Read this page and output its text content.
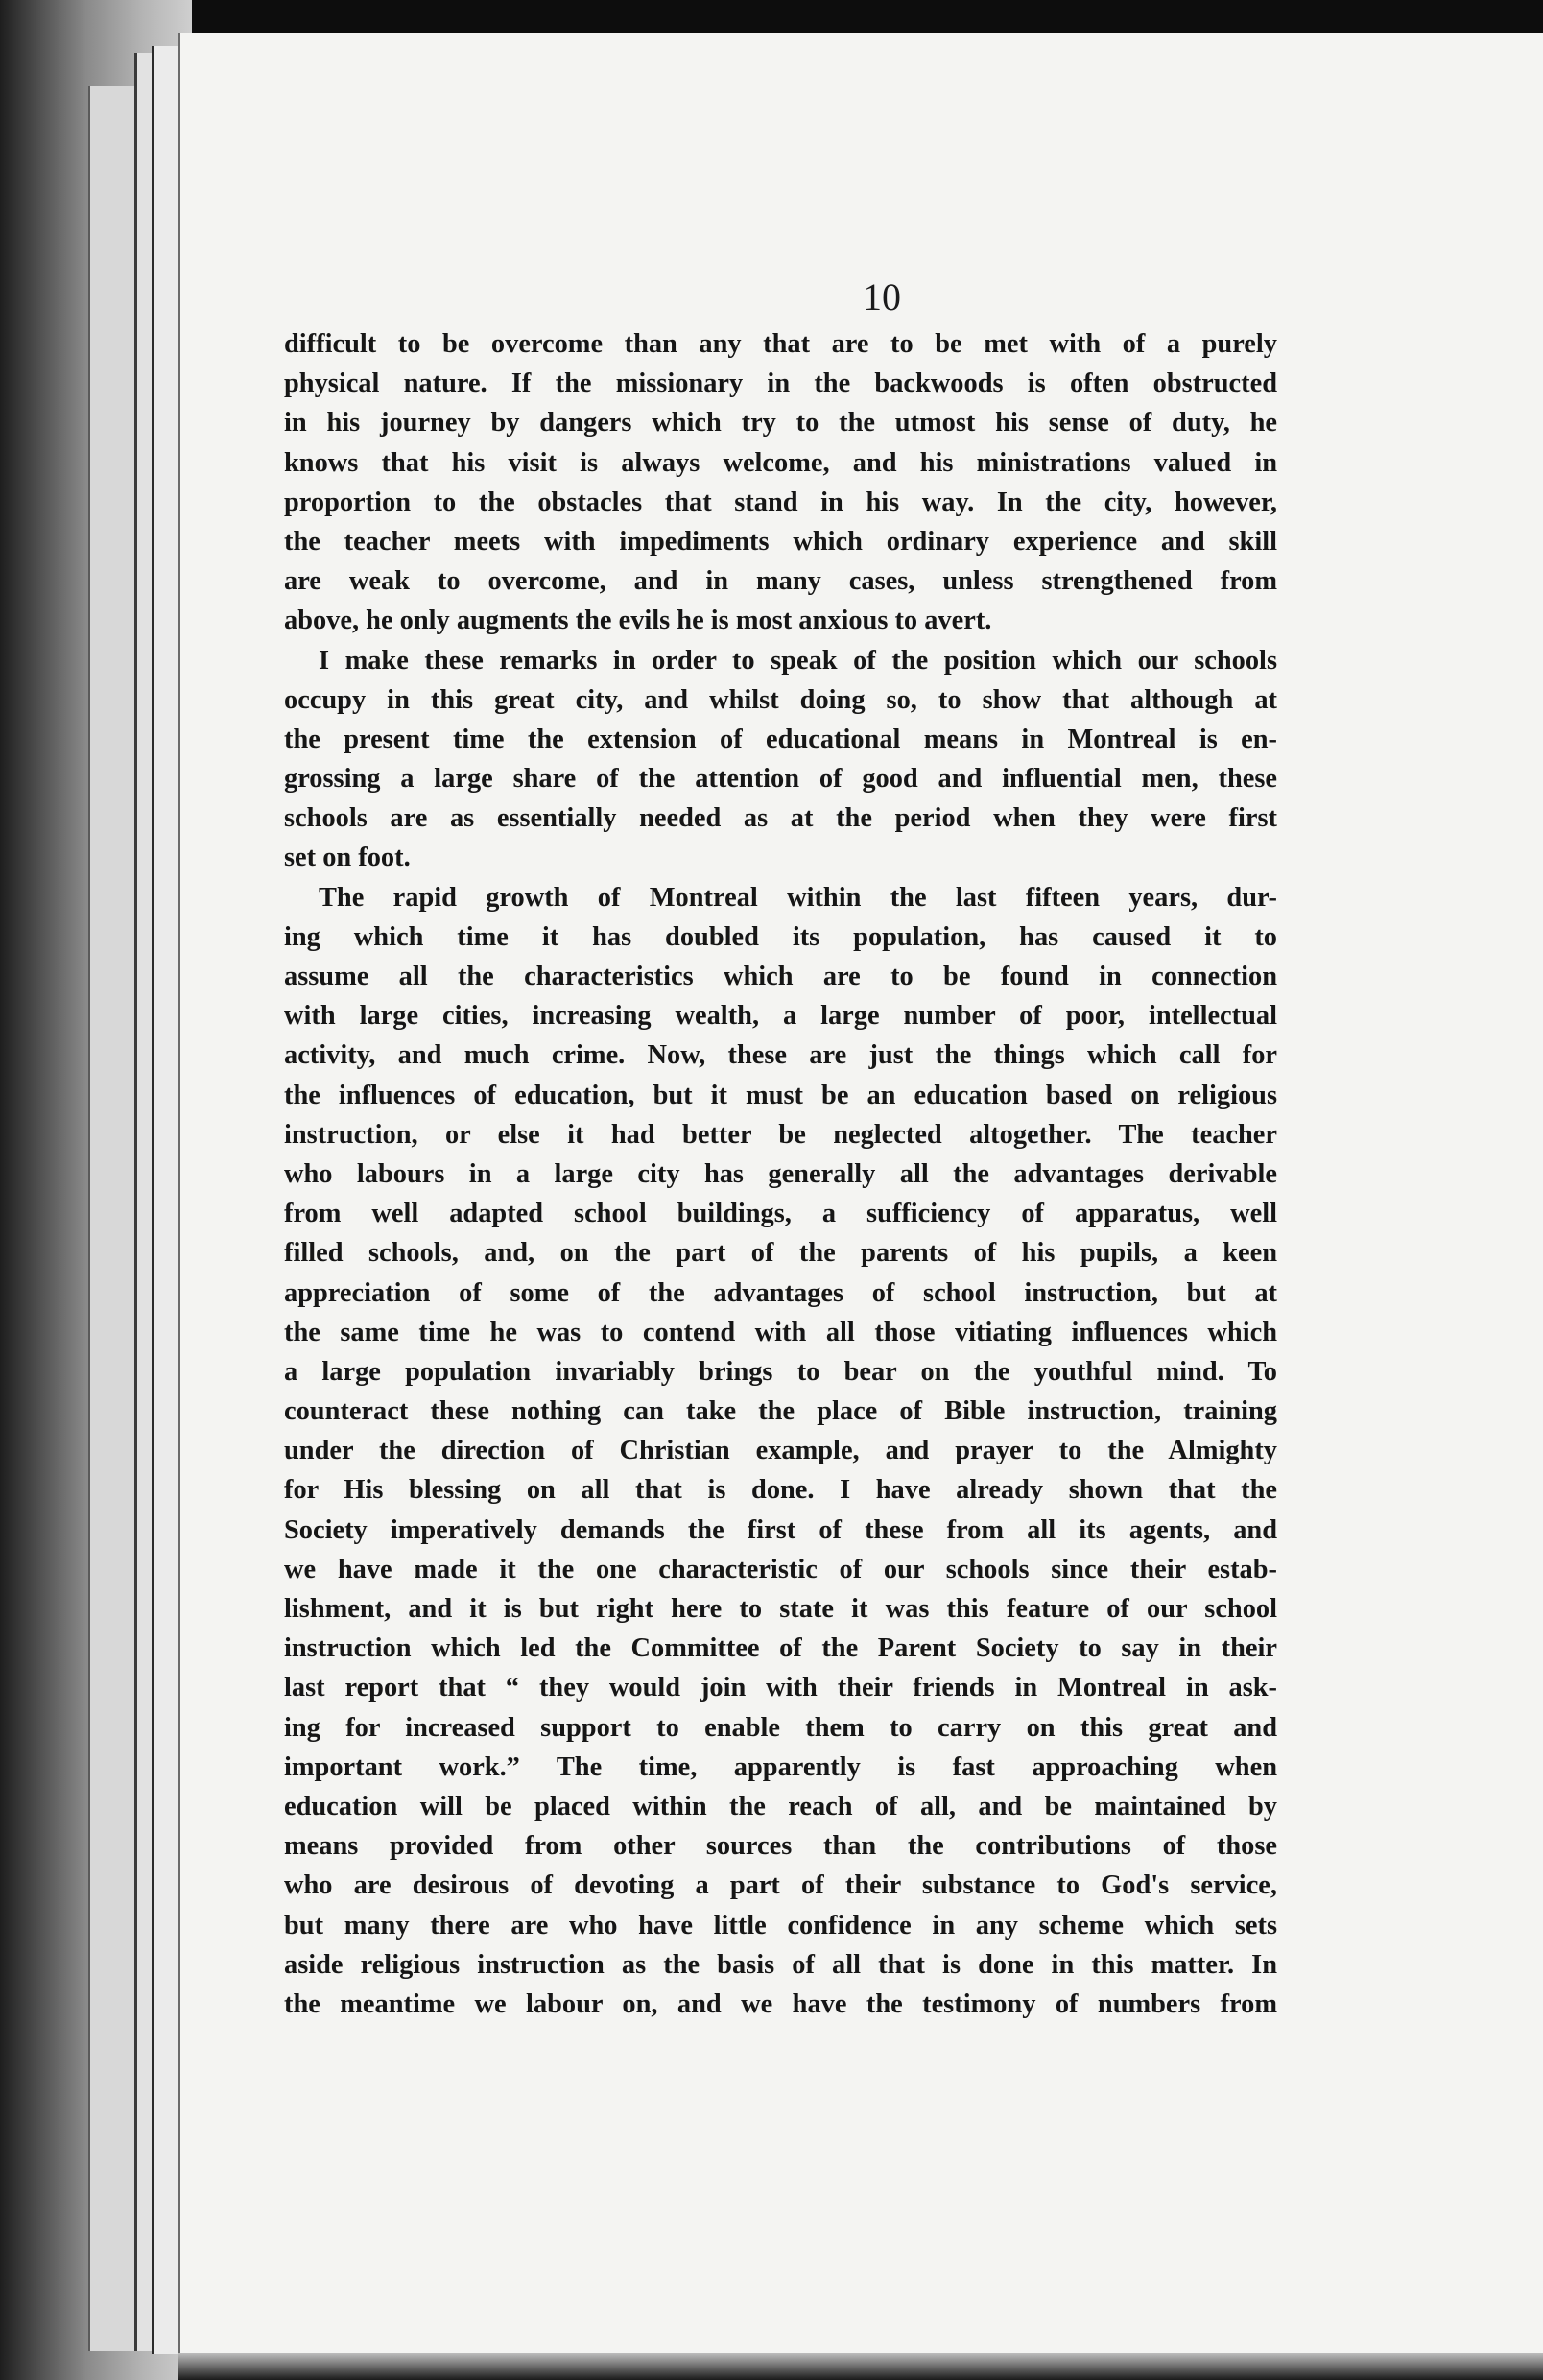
10
difficult to be overcome than any that are to be met with of a purely
physical nature. If the missionary in the backwoods is often obstructed
in his journey by dangers which try to the utmost his sense of duty, he
knows that his visit is always welcome, and his ministrations valued in
proportion to the obstacles that stand in his way. In the city, however,
the teacher meets with impediments which ordinary experience and skill
are weak to overcome, and in many cases, unless strengthened from
above, he only augments the evils he is most anxious to avert.
I make these remarks in order to speak of the position which our schools
occupy in this great city, and whilst doing so, to show that although at
the present time the extension of educational means in Montreal is en-
grossing a large share of the attention of good and influential men, these
schools are as essentially needed as at the period when they were first
set on foot.
The rapid growth of Montreal within the last fifteen years, dur-
ing which time it has doubled its population, has caused it to
assume all the characteristics which are to be found in connection
with large cities, increasing wealth, a large number of poor, intellectual
activity, and much crime. Now, these are just the things which call for
the influences of education, but it must be an education based on religious
instruction, or else it had better be neglected altogether. The teacher
who labours in a large city has generally all the advantages derivable
from well adapted school buildings, a sufficiency of apparatus, well
filled schools, and, on the part of the parents of his pupils, a keen
appreciation of some of the advantages of school instruction, but at
the same time he was to contend with all those vitiating influences which
a large population invariably brings to bear on the youthful mind. To
counteract these nothing can take the place of Bible instruction, training
under the direction of Christian example, and prayer to the Almighty
for His blessing on all that is done. I have already shown that the
Society imperatively demands the first of these from all its agents, and
we have made it the one characteristic of our schools since their estab-
lishment, and it is but right here to state it was this feature of our school
instruction which led the Committee of the Parent Society to say in their
last report that “ they would join with their friends in Montreal in ask-
ing for increased support to enable them to carry on this great and
important work.” The time, apparently is fast approaching when
education will be placed within the reach of all, and be maintained by
means provided from other sources than the contributions of those
who are desirous of devoting a part of their substance to God's service,
but many there are who have little confidence in any scheme which sets
aside religious instruction as the basis of all that is done in this matter. In
the meantime we labour on, and we have the testimony of numbers from
